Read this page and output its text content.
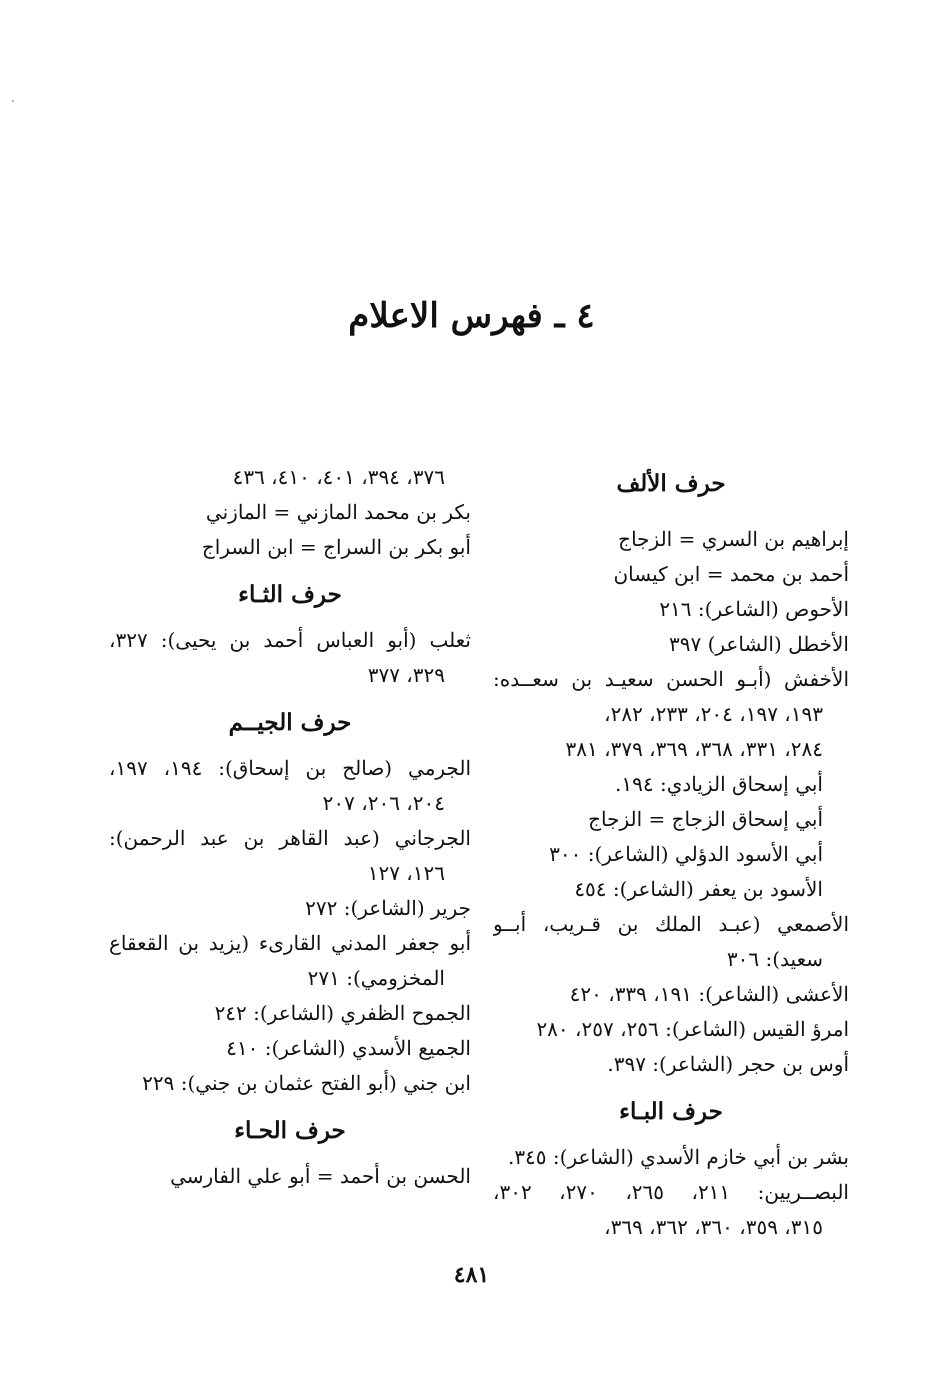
٤ ـ فهرس الاعلام
حرف الألف
إبراهيم بن السري = الزجاج
أحمد بن محمد = ابن كيسان
الأحوص (الشاعر): ٢١٦
الأخطل (الشاعر) ٣٩٧
الأخفش (أبـو الحسن سعيـد بن سعــده:
١٩٣، ١٩٧، ٢٠٤، ٢٣٣، ٢٨٢،
٢٨٤، ٣٣١، ٣٦٨، ٣٦٩، ٣٧٩، ٣٨١
أبي إسحاق الزيادي: ١٩٤.
أبي إسحاق الزجاج = الزجاج
أبي الأسود الدؤلي (الشاعر): ٣٠٠
الأسود بن يعفر (الشاعر): ٤٥٤
الأصمعي (عبـد الملك بن قـريب، أبــو
سعيد): ٣٠٦
الأعشى (الشاعر): ١٩١، ٣٣٩، ٤٢٠
امرؤ القيس (الشاعر): ٢٥٦، ٢٥٧، ٢٨٠
أوس بن حجر (الشاعر): ٣٩٧.
حرف البـاء
بشر بن أبي خازم الأسدي (الشاعر): ٣٤٥.
البصــريين: ٢١١، ٢٦٥، ٢٧٠، ٣٠٢،
٣١٥، ٣٥٩، ٣٦٠، ٣٦٢، ٣٦٩،
٣٧٦، ٣٩٤، ٤٠١، ٤١٠، ٤٣٦
بكر بن محمد المازني = المازني
أبو بكر بن السراج = ابن السراج
حرف الثـاء
ثعلب (أبو العباس أحمد بن يحيى): ٣٢٧،
٣٢٩، ٣٧٧
حرف الجيــم
الجرمي (صالح بن إسحاق): ١٩٤، ١٩٧،
٢٠٤، ٢٠٦، ٢٠٧
الجرجاني (عبد القاهر بن عبد الرحمن):
١٢٦، ١٢٧
جرير (الشاعر): ٢٧٢
أبو جعفر المدني القارىء (يزيد بن القعقاع
المخزومي): ٢٧١
الجموح الظفري (الشاعر): ٢٤٢
الجميع الأسدي (الشاعر): ٤١٠
ابن جني (أبو الفتح عثمان بن جني): ٢٢٩
حرف الحـاء
الحسن بن أحمد = أبو علي الفارسي
٤٨١
